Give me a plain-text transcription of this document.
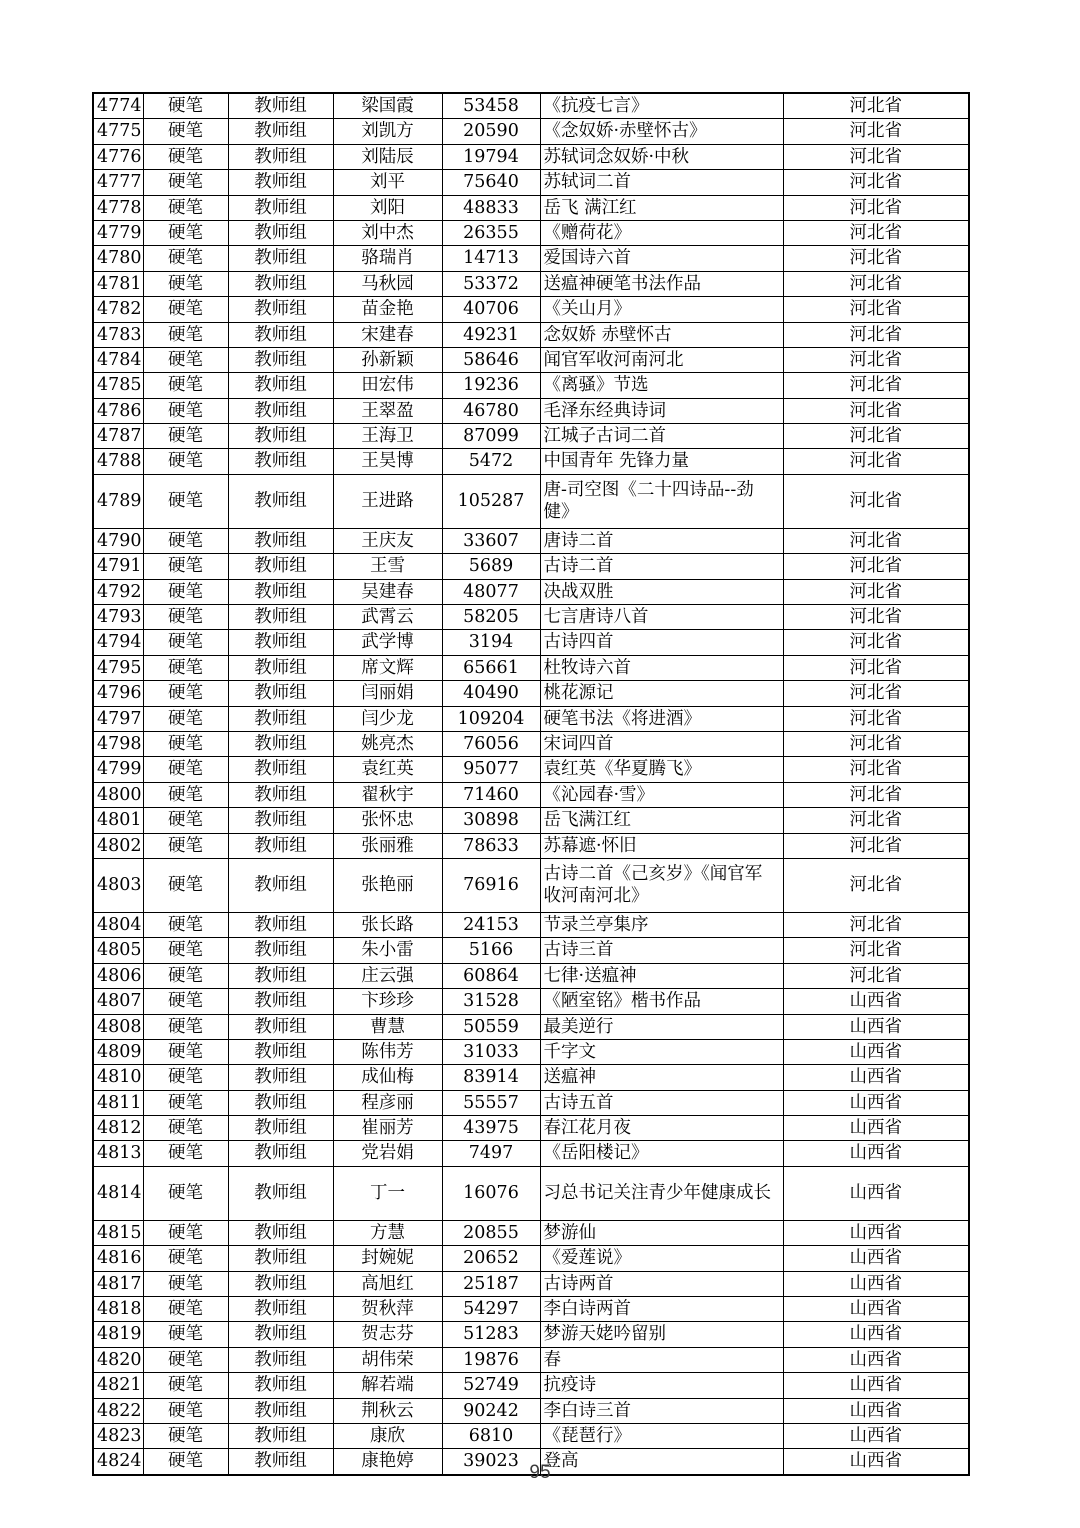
4774	硬笔	教师组	梁国霞	53458	《抗疫七言》	河北省
4775	硬笔	教师组	刘凯方	20590	《念奴娇·赤壁怀古》	河北省
4776	硬笔	教师组	刘陆辰	19794	苏轼词念奴娇·中秋	河北省
4777	硬笔	教师组	刘平	75640	苏轼词二首	河北省
4778	硬笔	教师组	刘阳	48833	岳飞 满江红	河北省
4779	硬笔	教师组	刘中杰	26355	《赠荷花》	河北省
4780	硬笔	教师组	骆瑞肖	14713	爱国诗六首	河北省
4781	硬笔	教师组	马秋园	53372	送瘟神硬笔书法作品	河北省
4782	硬笔	教师组	苗金艳	40706	《关山月》	河北省
4783	硬笔	教师组	宋建春	49231	念奴娇 赤壁怀古	河北省
4784	硬笔	教师组	孙新颖	58646	闻官军收河南河北	河北省
4785	硬笔	教师组	田宏伟	19236	《离骚》节选	河北省
4786	硬笔	教师组	王翠盈	46780	毛泽东经典诗词	河北省
4787	硬笔	教师组	王海卫	87099	江城子古词二首	河北省
4788	硬笔	教师组	王昊博	5472	中国青年 先锋力量	河北省
4789	硬笔	教师组	王进路	105287	唐-司空图《二十四诗品--劲健》	河北省
4790	硬笔	教师组	王庆友	33607	唐诗二首	河北省
4791	硬笔	教师组	王雪	5689	古诗二首	河北省
4792	硬笔	教师组	吴建春	48077	决战双胜	河北省
4793	硬笔	教师组	武霄云	58205	七言唐诗八首	河北省
4794	硬笔	教师组	武学博	3194	古诗四首	河北省
4795	硬笔	教师组	席文辉	65661	杜牧诗六首	河北省
4796	硬笔	教师组	闫丽娟	40490	桃花源记	河北省
4797	硬笔	教师组	闫少龙	109204	硬笔书法《将进酒》	河北省
4798	硬笔	教师组	姚亮杰	76056	宋词四首	河北省
4799	硬笔	教师组	袁红英	95077	袁红英《华夏腾飞》	河北省
4800	硬笔	教师组	翟秋宇	71460	《沁园春·雪》	河北省
4801	硬笔	教师组	张怀忠	30898	岳飞满江红	河北省
4802	硬笔	教师组	张丽雅	78633	苏幕遮·怀旧	河北省
4803	硬笔	教师组	张艳丽	76916	古诗二首《己亥岁》《闻官军收河南河北》	河北省
4804	硬笔	教师组	张长路	24153	节录兰亭集序	河北省
4805	硬笔	教师组	朱小雷	5166	古诗三首	河北省
4806	硬笔	教师组	庄云强	60864	七律·送瘟神	河北省
4807	硬笔	教师组	卞珍珍	31528	《陋室铭》楷书作品	山西省
4808	硬笔	教师组	曹慧	50559	最美逆行	山西省
4809	硬笔	教师组	陈伟芳	31033	千字文	山西省
4810	硬笔	教师组	成仙梅	83914	送瘟神	山西省
4811	硬笔	教师组	程彦丽	55557	古诗五首	山西省
4812	硬笔	教师组	崔丽芳	43975	春江花月夜	山西省
4813	硬笔	教师组	党岩娟	7497	《岳阳楼记》	山西省
4814	硬笔	教师组	丁一	16076	习总书记关注青少年健康成长	山西省
4815	硬笔	教师组	方慧	20855	梦游仙	山西省
4816	硬笔	教师组	封婉妮	20652	《爱莲说》	山西省
4817	硬笔	教师组	高旭红	25187	古诗两首	山西省
4818	硬笔	教师组	贺秋萍	54297	李白诗两首	山西省
4819	硬笔	教师组	贺志芬	51283	梦游天姥吟留别	山西省
4820	硬笔	教师组	胡伟荣	19876	春	山西省
4821	硬笔	教师组	解若端	52749	抗疫诗	山西省
4822	硬笔	教师组	荆秋云	90242	李白诗三首	山西省
4823	硬笔	教师组	康欣	6810	《琵琶行》	山西省
4824	硬笔	教师组	康艳婷	39023	登高	山西省
95
